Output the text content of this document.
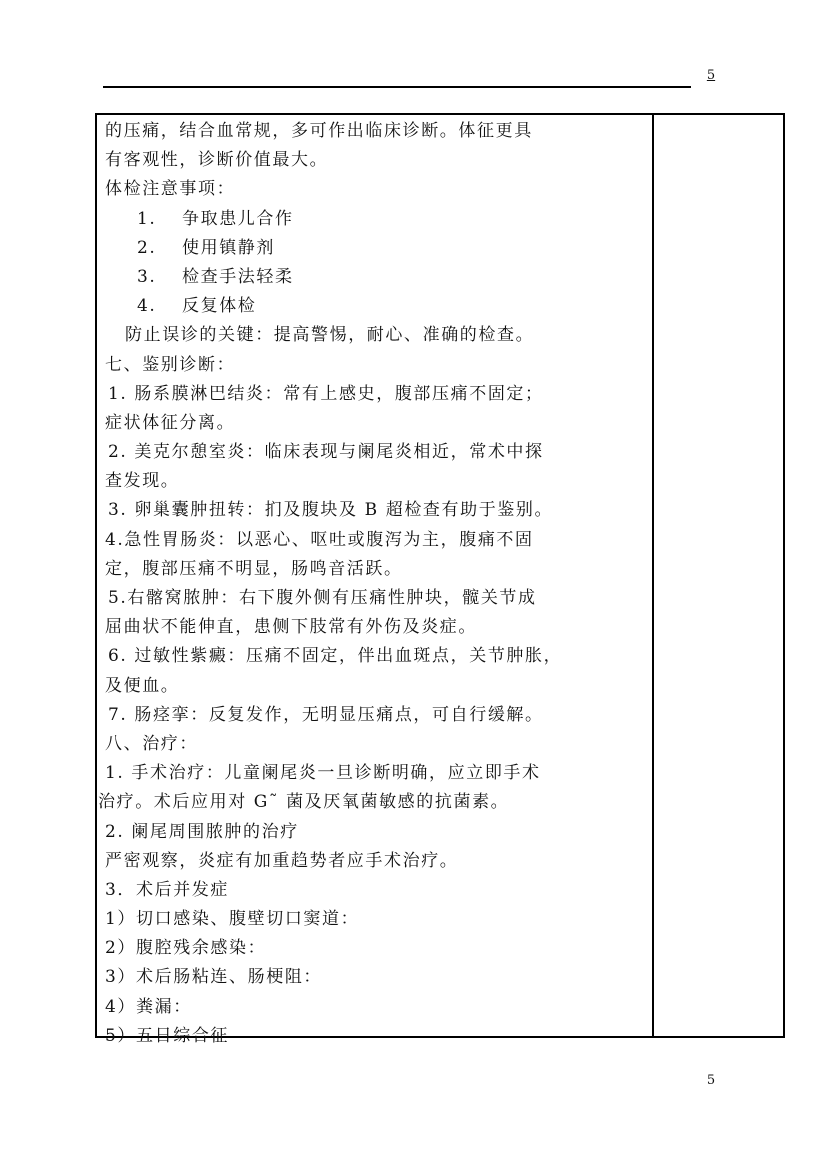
5
的压痛，结合血常规，多可作出临床诊断。体征更具
有客观性，诊断价值最大。
体检注意事项：
1. 争取患儿合作
2. 使用镇静剂
3. 检查手法轻柔
4. 反复体检
防止误诊的关键：提高警惕，耐心、准确的检查。
七、鉴别诊断：
1. 肠系膜淋巴结炎：常有上感史，腹部压痛不固定；
症状体征分离。
2. 美克尔憩室炎：临床表现与阑尾炎相近，常术中探
查发现。
3. 卵巢囊肿扭转：扪及腹块及 B 超检查有助于鉴别。
4.急性胃肠炎：以恶心、呕吐或腹泻为主，腹痛不固
定，腹部压痛不明显，肠鸣音活跃。
5.右髂窝脓肿：右下腹外侧有压痛性肿块，髋关节成
屈曲状不能伸直，患侧下肢常有外伤及炎症。
6. 过敏性紫癜：压痛不固定，伴出血斑点，关节肿胀，
及便血。
7. 肠痉挛：反复发作，无明显压痛点，可自行缓解。
八、治疗：
1. 手术治疗：儿童阑尾炎一旦诊断明确，应立即手术
治疗。术后应用对 G˜ 菌及厌氧菌敏感的抗菌素。
2. 阑尾周围脓肿的治疗
严密观察，炎症有加重趋势者应手术治疗。
3．术后并发症
1）切口感染、腹壁切口窦道：
2）腹腔残余感染：
3）术后肠粘连、肠梗阻：
4）粪漏：
5）五日综合征
5
